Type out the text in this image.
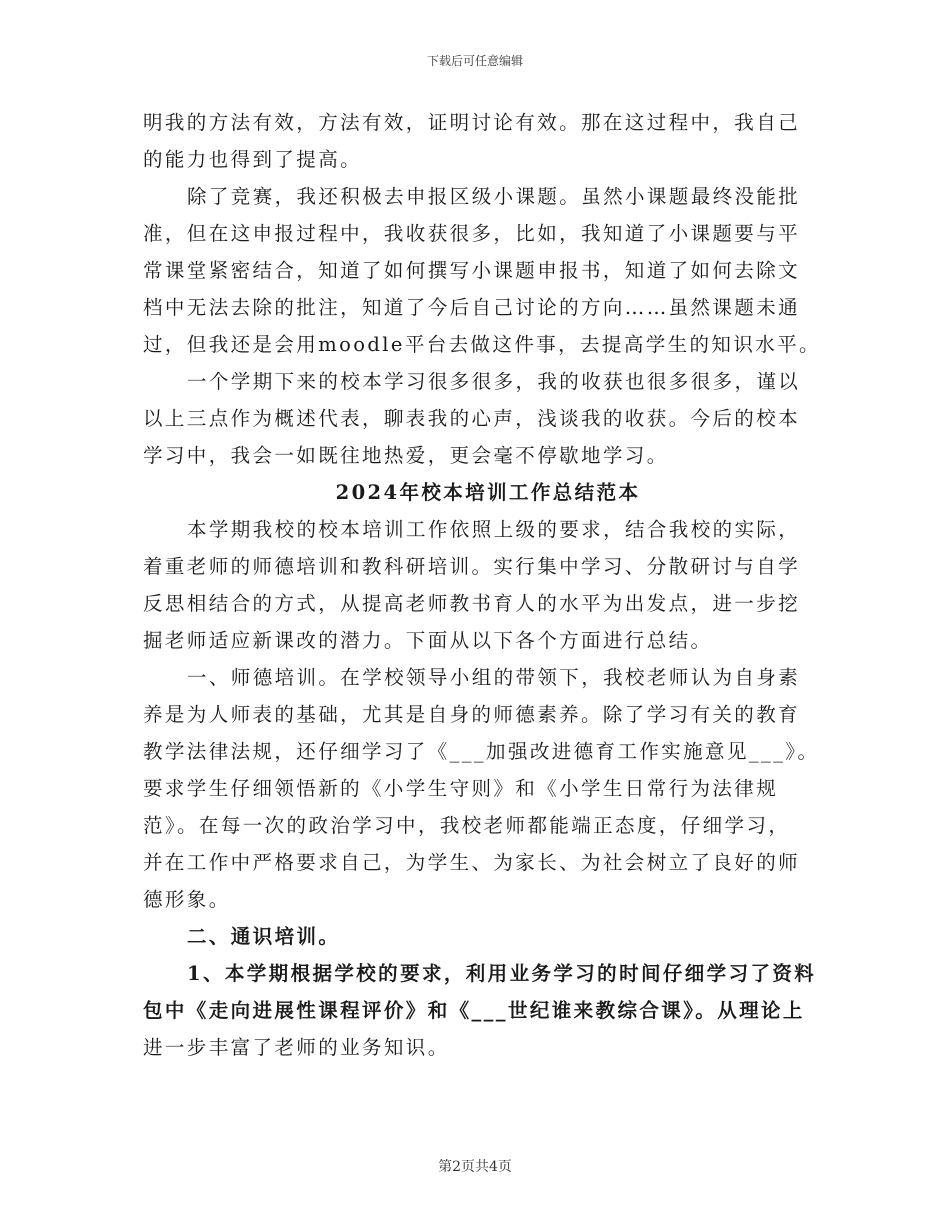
下载后可任意编辑

明我的方法有效，方法有效，证明讨论有效。那在这过程中，我自己

的能力也得到了提高。

除了竞赛，我还积极去申报区级小课题。虽然小课题最终没能批

准，但在这申报过程中，我收获很多，比如，我知道了小课题要与平

常课堂紧密结合，知道了如何撰写小课题申报书，知道了如何去除文

档中无法去除的批注，知道了今后自己讨论的方向……虽然课题未通

过，但我还是会用moodle平台去做这件事，去提高学生的知识水平。

一个学期下来的校本学习很多很多，我的收获也很多很多，谨以

以上三点作为概述代表，聊表我的心声，浅谈我的收获。今后的校本

学习中，我会一如既往地热爱，更会毫不停歇地学习。

2024年校本培训工作总结范本

本学期我校的校本培训工作依照上级的要求，结合我校的实际，

着重老师的师德培训和教科研培训。实行集中学习、分散研讨与自学

反思相结合的方式，从提高老师教书育人的水平为出发点，进一步挖

掘老师适应新课改的潜力。下面从以下各个方面进行总结。

一、师德培训。在学校领导小组的带领下，我校老师认为自身素

养是为人师表的基础，尤其是自身的师德素养。除了学习有关的教育

教学法律法规，还仔细学习了《___加强改进德育工作实施意见___》。

要求学生仔细领悟新的《小学生守则》和《小学生日常行为法律规

范》。在每一次的政治学习中，我校老师都能端正态度，仔细学习，

并在工作中严格要求自己，为学生、为家长、为社会树立了良好的师

德形象。

二、通识培训。

1、本学期根据学校的要求，利用业务学习的时间仔细学习了资料

包中《走向进展性课程评价》和《___世纪谁来教综合课》。从理论上

进一步丰富了老师的业务知识。

第2页共4页
